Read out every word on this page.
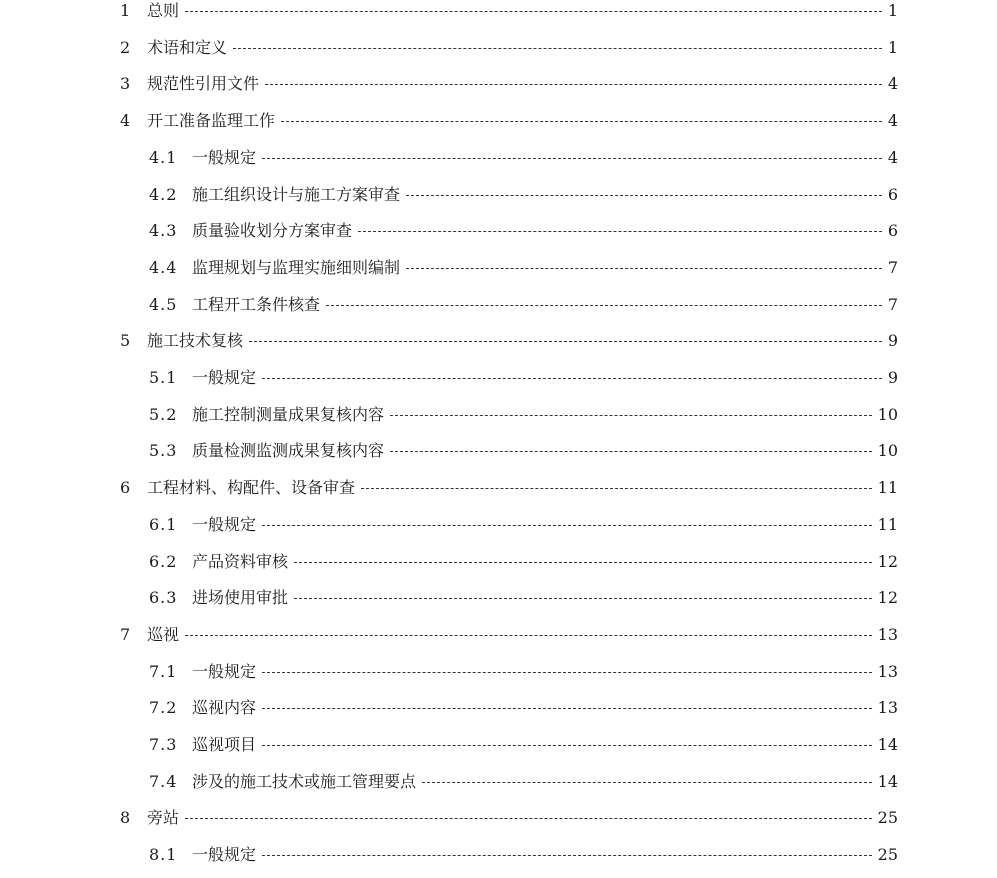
1	总则	1
2	术语和定义	1
3	规范性引用文件	4
4	开工准备监理工作	4
4.1 一般规定	4
4.2 施工组织设计与施工方案审查	6
4.3 质量验收划分方案审查	6
4.4 监理规划与监理实施细则编制	7
4.5 工程开工条件核查	7
5	施工技术复核	9
5.1 一般规定	9
5.2 施工控制测量成果复核内容	10
5.3 质量检测监测成果复核内容	10
6	工程材料、构配件、设备审查	11
6.1 一般规定	11
6.2 产品资料审核	12
6.3 进场使用审批	12
7	巡视	13
7.1 一般规定	13
7.2 巡视内容	13
7.3 巡视项目	14
7.4 涉及的施工技术或施工管理要点	14
8	旁站	25
8.1 一般规定	25
